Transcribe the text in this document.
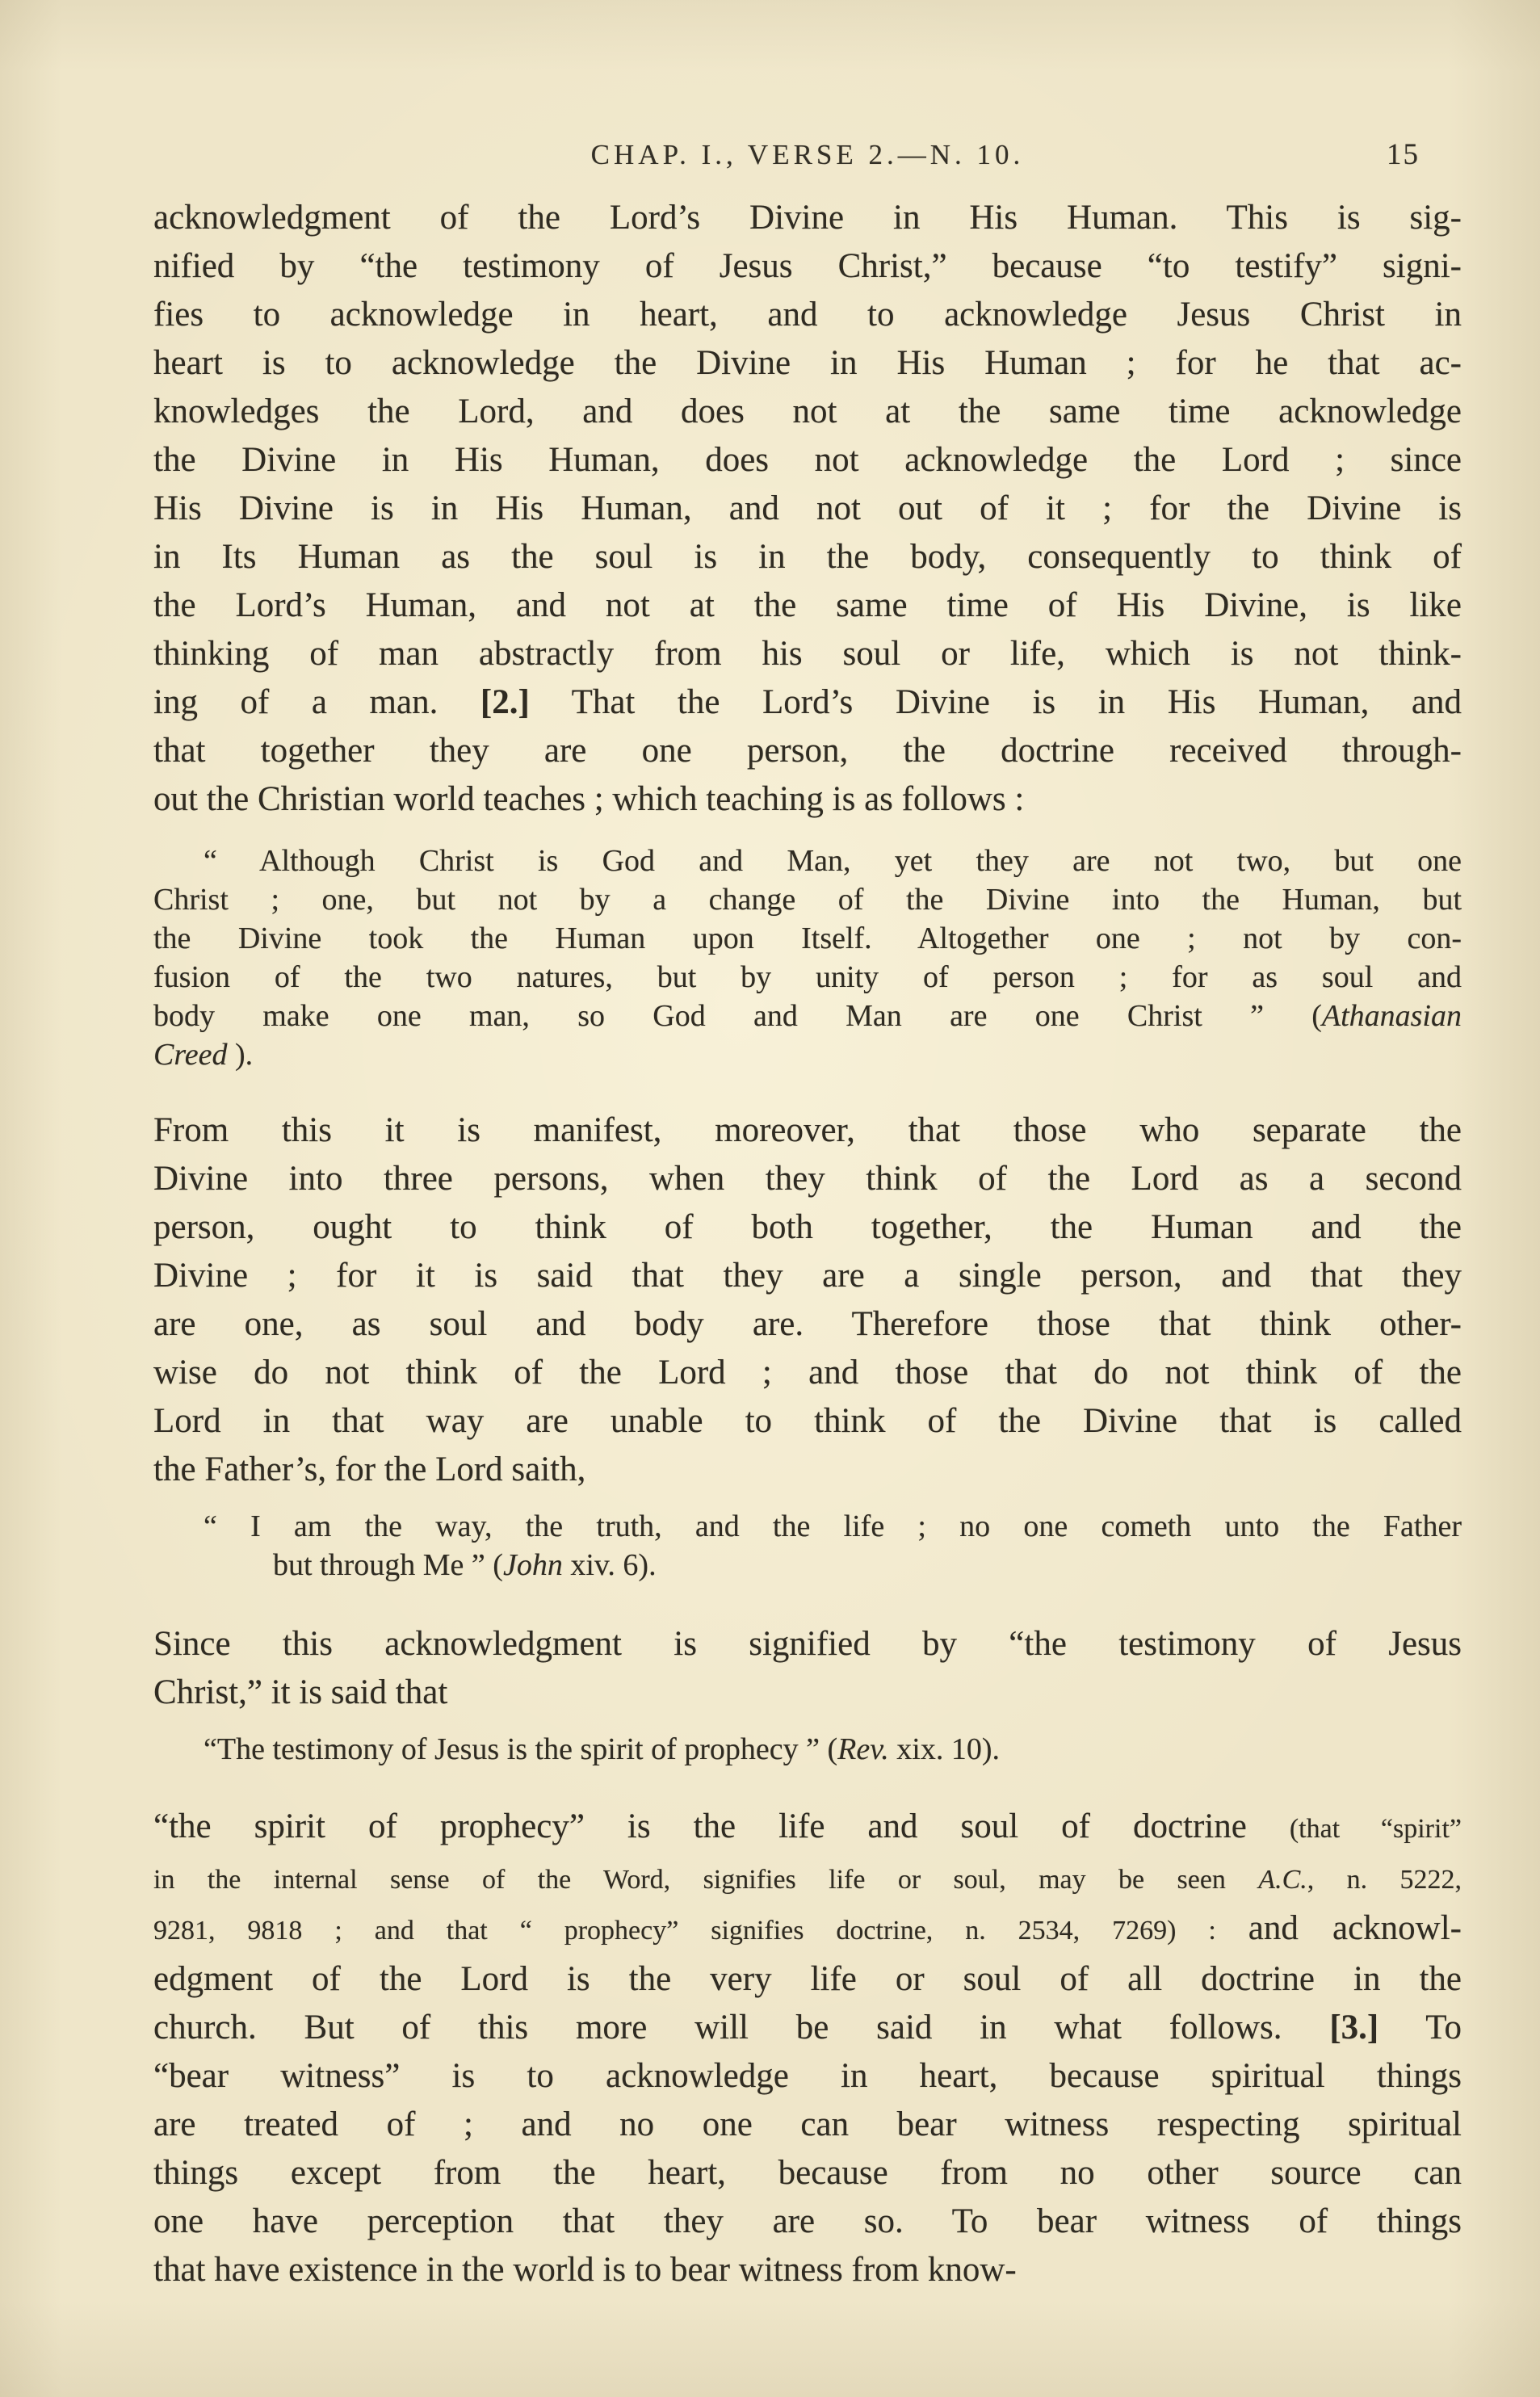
CHAP. I., VERSE 2.—N. 10.	15
acknowledgment of the Lord’s Divine in His Human. This is sig-
nified by “the testimony of Jesus Christ,” because “to testify” signi-
fies to acknowledge in heart, and to acknowledge Jesus Christ in
heart is to acknowledge the Divine in His Human ; for he that ac-
knowledges the Lord, and does not at the same time acknowledge
the Divine in His Human, does not acknowledge the Lord ; since
His Divine is in His Human, and not out of it ; for the Divine is
in Its Human as the soul is in the body, consequently to think of
the Lord’s Human, and not at the same time of His Divine, is like
thinking of man abstractly from his soul or life, which is not think-
ing of a man. [2.] That the Lord’s Divine is in His Human, and
that together they are one person, the doctrine received through-
out the Christian world teaches ; which teaching is as follows :
“ Although Christ is God and Man, yet they are not two, but one
Christ ; one, but not by a change of the Divine into the Human, but
the Divine took the Human upon Itself. Altogether one ; not by con-
fusion of the two natures, but by unity of person ; for as soul and
body make one man, so God and Man are one Christ ” (Athanasian
Creed ).
From this it is manifest, moreover, that those who separate the
Divine into three persons, when they think of the Lord as a second
person, ought to think of both together, the Human and the
Divine ; for it is said that they are a single person, and that they
are one, as soul and body are. Therefore those that think other-
wise do not think of the Lord ; and those that do not think of the
Lord in that way are unable to think of the Divine that is called
the Father’s, for the Lord saith,
“ I am the way, the truth, and the life ; no one cometh unto the Father
but through Me ” (John xiv. 6).
Since this acknowledgment is signified by “the testimony of Jesus
Christ,” it is said that
“The testimony of Jesus is the spirit of prophecy ” (Rev. xix. 10).
“the spirit of prophecy” is the life and soul of doctrine (that “spirit”
in the internal sense of the Word, signifies life or soul, may be seen A.C., n. 5222,
9281, 9818 ; and that “ prophecy” signifies doctrine, n. 2534, 7269) : and acknowl-
edgment of the Lord is the very life or soul of all doctrine in the
church. But of this more will be said in what follows. [3.] To
“bear witness” is to acknowledge in heart, because spiritual things
are treated of ; and no one can bear witness respecting spiritual
things except from the heart, because from no other source can
one have perception that they are so. To bear witness of things
that have existence in the world is to bear witness from know-
